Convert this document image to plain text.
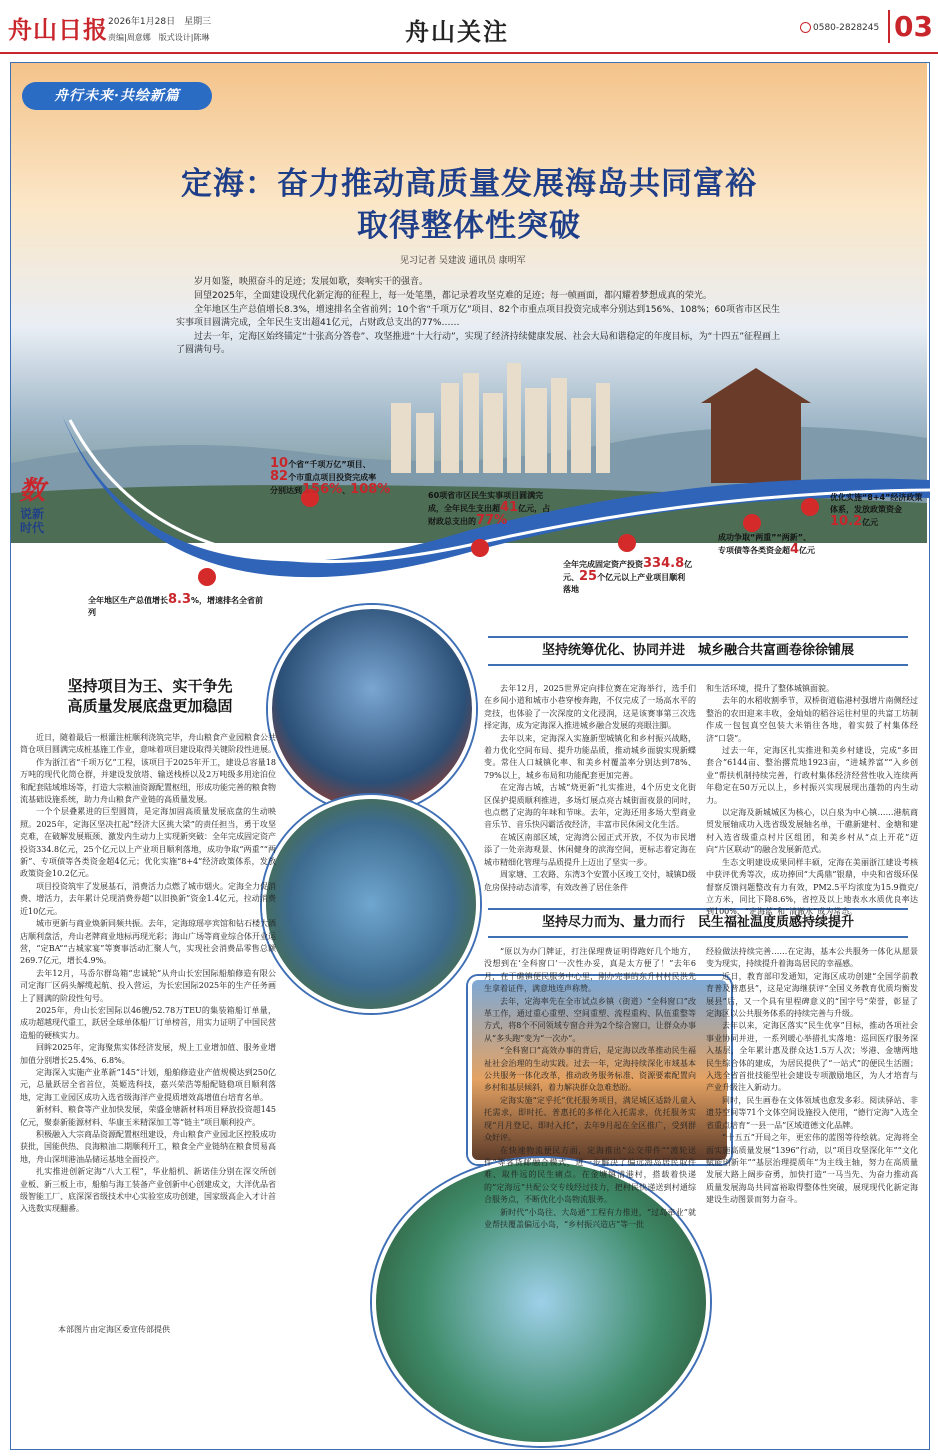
舟山日报 2026年1月28日　星期三
责编|周意娜　版式设计|陈琳	舟山关注	0580-2828245 03
舟行未来·共绘新篇
定海：奋力推动高质量发展海岛共同富裕
取得整体性突破
见习记者 吴建波 通讯员 康明军

岁月如鉴，映照奋斗的足迹；发展如歌，奏响实干的强音。

回望2025年，全面建设现代化新定海的征程上，每一处笔墨，都记录着攻坚克难的足迹；每一帧画面，都闪耀着梦想成真的荣光。

全年地区生产总值增长8.3%，增速排名全省前列；10个省“千项万亿”项目、82个市重点项目投资完成率分别达到156%、108%；60项省市区民生实事项目圆满完成，全年民生支出超41亿元，占财政总支出的77%……

过去一年，定海区始终锚定“十张高分答卷”、攻坚推进“十大行动”，实现了经济持续健康发展、社会大局和谐稳定的年度目标，为“十四五”征程画上了圆满句号。

数
说新时代
全年地区生产总值增长8.3%，增速排名全省前列
10个省“千项万亿”项目、
82个市重点项目投资完成率
分别达到156%、108%	60项省市区民生实事项目圆满完成，全年民生支出超41亿元，占财政总支出的77%
全年完成固定资产投资334.8亿元、25个亿元以上产业项目顺利落地
成功争取“两重”“两新”、专项债等各类资金超4亿元
优化实施“8+4”经济政策体系，发放政策资金10.2亿元
坚持项目为王、实干争先
高质量发展底盘更加稳固
坚持统筹优化、协同并进　城乡融合共富画卷徐徐铺展
坚持尽力而为、量力而行　民生福祉温度质感持续提升

近日，随着最后一根灌注桩顺利浇筑完毕，舟山粮食产业园粮食公共筒仓项目圆满完成桩基施工作业，意味着项目建设取得关键阶段性进展。

作为浙江省“千项万亿”工程，该项目于2025年开工，建设总容量18万吨的现代化筒仓群，并建设发放塔、输送栈桥以及2万吨级多用途泊位和配套陆域堆场等，打造大宗粮油资源配置枢纽，形成功能完善的粮食物流基础设施系统，助力舟山粮食产业链的高质量发展。

一个个层叠累进的巨型圆筒，是定海加固高质量发展底盘的生动映照。2025年，定海区坚决扛起“经济大区挑大梁”的责任担当，勇于攻坚克难，在破解发展瓶颈、激发内生动力上实现新突破：全年完成固定资产投资334.8亿元，25个亿元以上产业项目顺利落地，成功争取“两重”“两新”、专项债等各类资金超4亿元；优化实施“8+4”经济政策体系，发放政策资金10.2亿元。

项目投资筑牢了发展基石，消费活力点燃了城市烟火。定海全力促消费、增活力，去年累计兑现消费券超“以旧换新”资金1.4亿元，拉动消费近10亿元。

城市更新与商业焕新同频共振。去年，定海琼瑶亭宾馆和钻石楼大酒店顺利盘活，舟山老牌商业地标再现光彩；海山广场等商业综合体开业运营，“定BA”“古城家宴”等赛事活动汇聚人气，实现社会消费品零售总额269.7亿元，增长4.9%。

去年12月，马岙尔群岛箱“忠诚轮”从舟山长宏国际船舶修造有限公司定海厂区码头解缆起航、投入营运，为长宏国际2025年的生产任务画上了圆满的阶段性句号。

2025年，舟山长宏国际以46艘/52.78万TEU的集装箱船订单量，成功超越现代重工，跃居全球单体船厂订单榜首，用实力证明了中国民营造船的硬核实力。

回眸2025年，定海聚焦实体经济发展，规上工业增加值、服务业增加值分别增长25.4%、6.8%。

定海深入实施产业革新“145”计划，船舶修造业产值规模达到250亿元，总量跃居全省首位，英姬选科技，嘉兴荣浩等船配链稳项目顺利落地，定海工业园区成功入选省级海洋产业提质增效高增值台培育名单。

新材料、粮食等产业加快发展，荣盛金塘新材料项目释放投资超145亿元，聚泰新能源材料、华康玉米精深加工等“链主”项目顺利投产。

积极融入大宗商品资源配置枢纽建设，舟山粮食产业园北区控股成功获批，国能供热、良海粮油二期顺利开工，粮食全产业链纳在粮食贸易高地，舟山深圳港油品储运基地全面投产。

扎实推进创新定海“八大工程”，华业船机、新诺佳分别在深交所创业板、新三板上市，船舶与海工装备产业创新中心创建成文，大洋优品省级智能工厂、底深深省级技术中心实验室成功创建，国家级高企入才计首入选数实现翻番。

去年12月，2025世界定向排位赛在定海举行，选手们在乡间小道和城市小巷穿梭奔跑，不仅完成了一场高水平的竞技，也体验了一次深度的文化浸润，这是该赛事第三次选择定海，成为定海深入推进城乡融合发展的亮眼注脚。

去年以来，定海深入实施新型城镇化和乡村振兴战略，着力优化空间布局、提升功能品质，推动城乡面貌实现新蝶变。常住人口城镇化率、和美乡村覆盖率分别达到78%、79%以上，城乡布局和功能配套更加完善。

在定海古城，古城“烧更新”扎实推进，4个历史文化街区保护提质顺利推进，多场灯展点亮古城街面夜景的同时，也点燃了定海的年味和节味。去年，定海还用多场大型商业音乐节、音乐快闪霸活夜经济，丰富市民休闲文化生活。

在城区南部区域，定海湾公园正式开放，不仅为市民增添了一处亲海观景、休闲健身的滨海空间，更标志着定海在城市精细化管理与品质提升上迈出了坚实一步。

周家塘、工农路、东湾3个安置小区竣工交付，城镇D级危房保持动态清零，有效改善了居住条件

和生活环境，提升了整体城镇面貌。

去年的水稻收割季节，双桥街道临港村强增片南侧经过整治的农田迎来丰收，金灿灿的稻谷运往村里的共富工坊制作成一包包真空包装大米销往各地，着实鼓了村集体经济“口袋”。

过去一年，定海区扎实推进和美乡村建设，完成“多田套合”6144亩、整治撂荒地1923亩，“进城养富”“入乡创业”帮扶机制持续完善，行政村集体经济经营性收入连续两年稳定在50万元以上，乡村振兴实现展现出蓬勃的内生动力。

以定海及新城城区为核心，以白泉为中心镇……港航商贸发展轴成功入选省级发展轴名单，干礁新建村、金塘和建村入选省级重点村片区组团，和美乡村从“点上开花”迈向“片区联动”的融合发展新范式。

生态文明建设成果同样丰硕，定海在美丽浙江建设考核中获评优秀等次，成功捧回“大禹鼎”银鼎，中央和省级环保督察反馈问题整改有力有效，PM2.5平均浓度为15.9微克/立方米，同比下降8.6%，省控及以上地表水水质优良率达到100%，“定海蓝”和“清澈水”成为常态。

“原以为办门牌证，打注保理费证明得跑好几个地方，没想到在‘全科窗口’一次性办妥，真是太方便了！”去年6月，在干礁镇便民服务中心里，刚办完事的东升村村民洪先生拿着证件，满意地连声称赞。

去年，定海率先在全市试点乡镇（街道）“全科窗口”改革工作，通过重心重塑、空间重塑、流程重构、队伍重整等方式，将8个不同领域专窗合并为2个综合窗口，让群众办事从“多头跑”变为“一次办”。

“全科窗口”高效办事的背后，是定海以改革推动民生福祉社会治理的生动实践。过去一年，定海持续深化市域基本公共服务一体化改革，推动政务服务标准、资源要素配置向乡村和基层倾斜，着力解决群众急难愁盼。

定海实施“定乎托”优托服务项目，满足城区适龄儿童入托需求，即时托、普惠托的多样化入托需求，优托服务实现“月月登记、即时入托”，去年9月起在全区推广，受到群众好评。

在快速物流便民方面，定海推出“公交带件”“渡轮送件”等客货邮融合模式，进一步解决了偏远海岛居民取件难、取件远的民生痛点。在金塘镇清港村，搭载着快递的“定海远”共配公交专线经过技力，把村民快递送到村通综合服务点，不断优化小岛物流服务。

新时代“小岛往、大岛通”工程有力推进，“过岛牵业”就业帮扶覆盖偏远小岛，“乡村振兴造店”等一批

经验做法持续完善……在定海，基本公共服务一体化从愿景变为现实，持续提升着海岛居民的幸福感。

近日，教育部印发通知，定海区成功创建“全国学前教育普及普惠县”，这是定海继获评“全国义务教育优质均衡发展县”后，又一个具有里程碑意义的“国字号”荣誉，彰显了定海区以公共服务体系的持续完善与升级。

去年以来，定海区落实“民生优享”目标，推动各项社会事业协同并进，一系列暖心举措扎实落地：巡回医疗服务深入基层，全年累计惠及群众达1.5万人次；岑港、金塘两地民生综合体的建成，为居民提供了“一站式”的便民生活圈；入选全省首批技能型社会建设专项激励地区，为人才培育与产业升级注入新动力。

同时，民生画卷在文体领域也愈发多彩。阅读驿站、非遗芬空间等71个文体空间设施投入使用，“德行定海”入选全省重点培育“一县一品”区域道德文化品牌。

“十五五”开局之年，更宏伟的蓝图等待绘就。定海将全面实施高质量发展“1396”行动，以“项目攻坚深化年”“文化赋能创新年”“基层治理提质年”为主线主轴，努力在高质量发展大路上阔步奋勇，加快打造“一马当先、为奋力推动高质量发展海岛共同富裕取得整体性突破，展现现代化新定海建设生动图景而努力奋斗。

本部图片由定海区委宣传部提供
